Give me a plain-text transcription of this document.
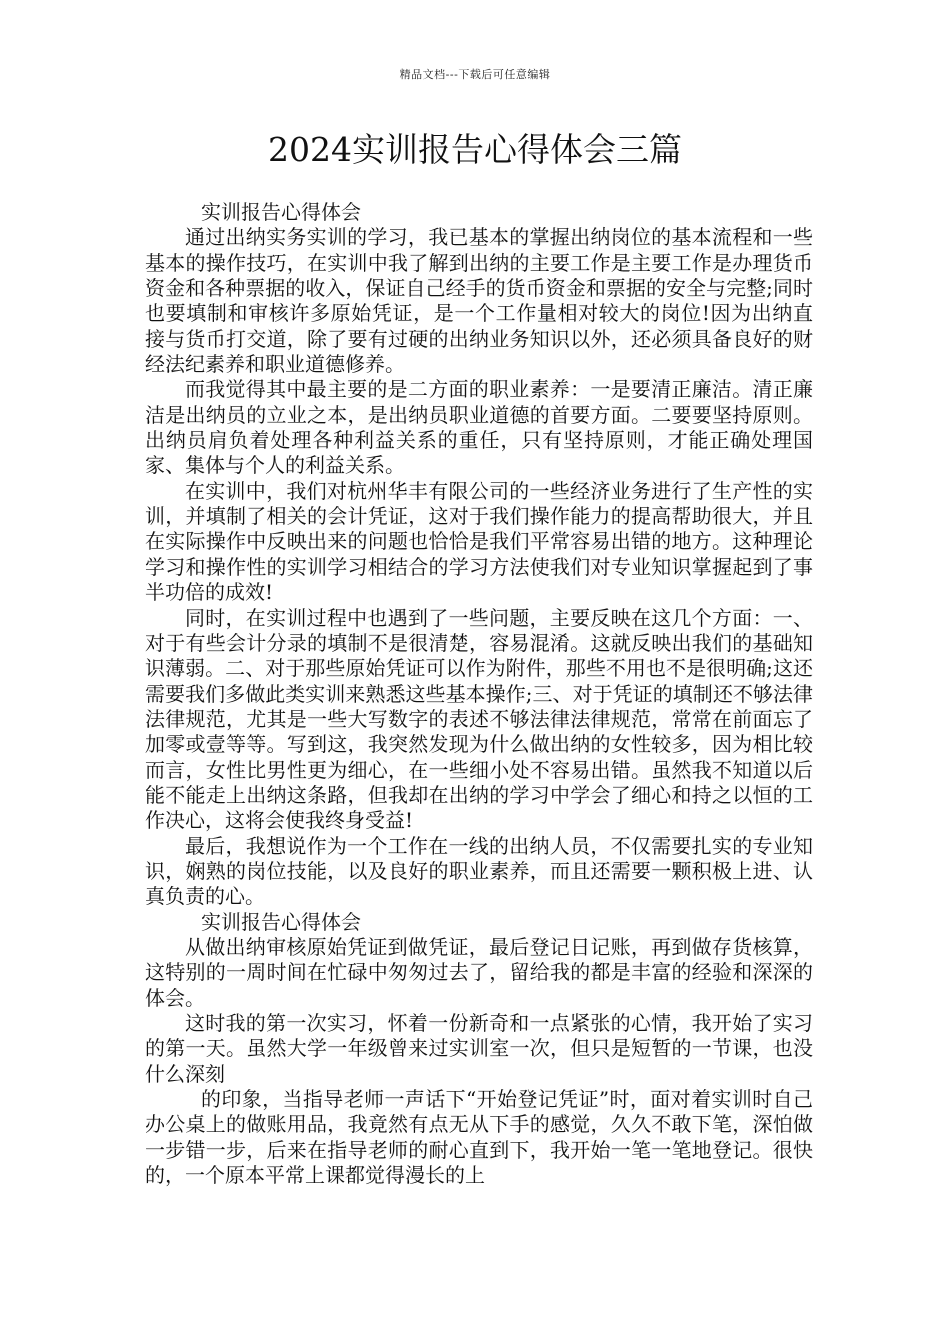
精品文档---下载后可任意编辑
2024实训报告心得体会三篇

实训报告心得体会

通过出纳实务实训的学习，我已基本的掌握出纳岗位的基本流程和一些基本的操作技巧，在实训中我了解到出纳的主要工作是主要工作是办理货币资金和各种票据的收入，保证自己经手的货币资金和票据的安全与完整;同时也要填制和审核许多原始凭证，是一个工作量相对较大的岗位!因为出纳直接与货币打交道，除了要有过硬的出纳业务知识以外，还必须具备良好的财经法纪素养和职业道德修养。

而我觉得其中最主要的是二方面的职业素养：一是要清正廉洁。清正廉洁是出纳员的立业之本，是出纳员职业道德的首要方面。二要要坚持原则。出纳员肩负着处理各种利益关系的重任，只有坚持原则，才能正确处理国家、集体与个人的利益关系。

在实训中，我们对杭州华丰有限公司的一些经济业务进行了生产性的实训，并填制了相关的会计凭证，这对于我们操作能力的提高帮助很大，并且在实际操作中反映出来的问题也恰恰是我们平常容易出错的地方。这种理论学习和操作性的实训学习相结合的学习方法使我们对专业知识掌握起到了事半功倍的成效!

同时，在实训过程中也遇到了一些问题，主要反映在这几个方面：一、对于有些会计分录的填制不是很清楚，容易混淆。这就反映出我们的基础知识薄弱。二、对于那些原始凭证可以作为附件，那些不用也不是很明确;这还需要我们多做此类实训来熟悉这些基本操作;三、对于凭证的填制还不够法律法律规范，尤其是一些大写数字的表述不够法律法律规范，常常在前面忘了加零或壹等等。写到这，我突然发现为什么做出纳的女性较多，因为相比较而言，女性比男性更为细心，在一些细小处不容易出错。虽然我不知道以后能不能走上出纳这条路，但我却在出纳的学习中学会了细心和持之以恒的工作决心，这将会使我终身受益!

最后，我想说作为一个工作在一线的出纳人员，不仅需要扎实的专业知识，娴熟的岗位技能，以及良好的职业素养，而且还需要一颗积极上进、认真负责的心。

实训报告心得体会

从做出纳审核原始凭证到做凭证，最后登记日记账，再到做存货核算，这特别的一周时间在忙碌中匆匆过去了，留给我的都是丰富的经验和深深的体会。

这时我的第一次实习，怀着一份新奇和一点紧张的心情，我开始了实习的第一天。虽然大学一年级曾来过实训室一次，但只是短暂的一节课，也没什么深刻

的印象，当指导老师一声话下“开始登记凭证”时，面对着实训时自己办公桌上的做账用品，我竟然有点无从下手的感觉，久久不敢下笔，深怕做一步错一步，后来在指导老师的耐心直到下，我开始一笔一笔地登记。很快的，一个原本平常上课都觉得漫长的上
